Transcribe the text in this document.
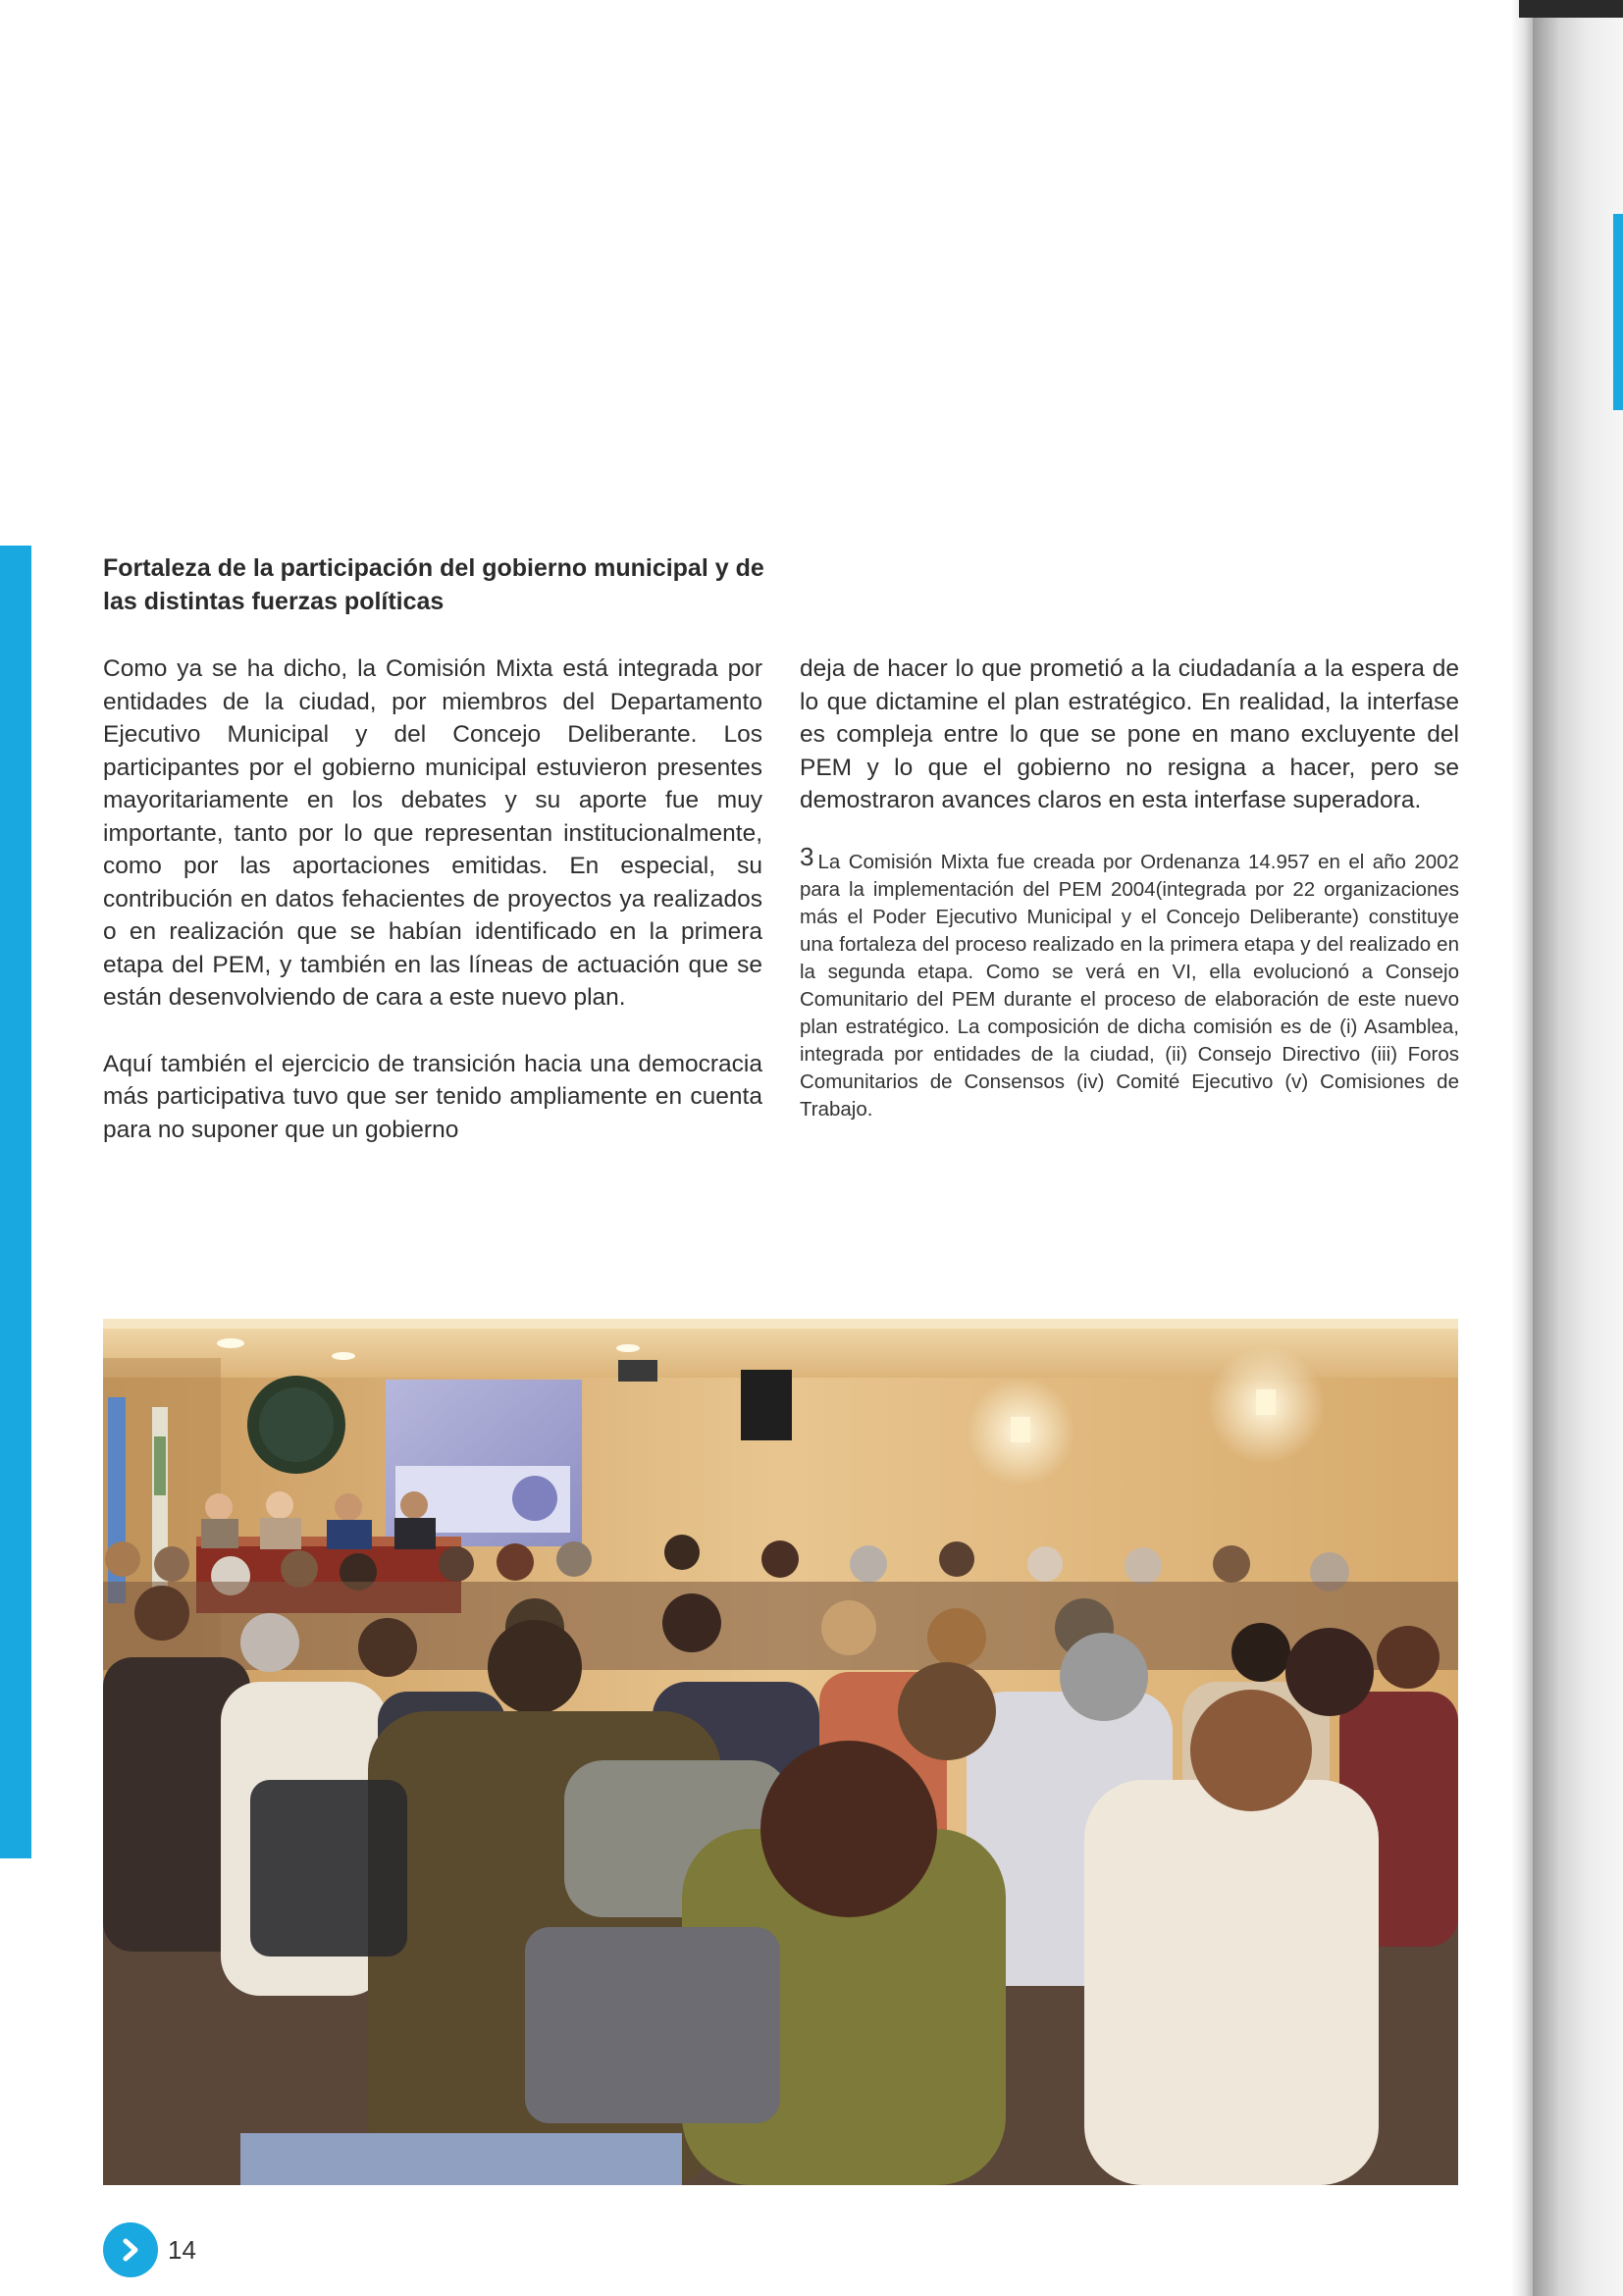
Fortaleza de la participación del gobierno municipal y de las distintas fuerzas políticas

Como ya se ha dicho, la Comisión Mixta está integrada por entidades de la ciudad, por miembros del Departamento Ejecutivo Municipal y del Concejo Deliberante. Los participantes por el gobierno municipal estuvieron presentes mayoritariamente en los debates y su aporte fue muy importante, tanto por lo que representan institucionalmente, como por las aportaciones emitidas. En especial, su contribución en datos fehacientes de proyectos ya realizados o en realización que se habían identificado en la primera etapa del PEM, y también en las líneas de actuación que se están desenvolviendo de cara a este nuevo plan.

Aquí también el ejercicio de transición hacia una democracia más participativa tuvo que ser tenido ampliamente en cuenta para no suponer que un gobierno

deja de hacer lo que prometió a la ciudadanía a la espera de lo que dictamine el plan estratégico. En realidad, la interfase es compleja entre lo que se pone en mano excluyente del PEM y lo que el gobierno no resigna a hacer, pero se demostraron avances claros en esta interfase superadora.

3 La Comisión Mixta fue creada por Ordenanza 14.957 en el año 2002 para la implementación del PEM 2004(integrada por 22 organizaciones más el Poder Ejecutivo Municipal y el Concejo Deliberante) constituye una fortaleza del proceso realizado en la primera etapa y del realizado en la segunda etapa. Como se verá en VI, ella evolucionó a Consejo Comunitario del PEM durante el proceso de elaboración de este nuevo plan estratégico. La composición de dicha comisión es de (i) Asamblea, integrada por entidades de la ciudad, (ii) Consejo Directivo (iii) Foros Comunitarios de Consensos (iv) Comité Ejecutivo (v) Comisiones de Trabajo.
14
